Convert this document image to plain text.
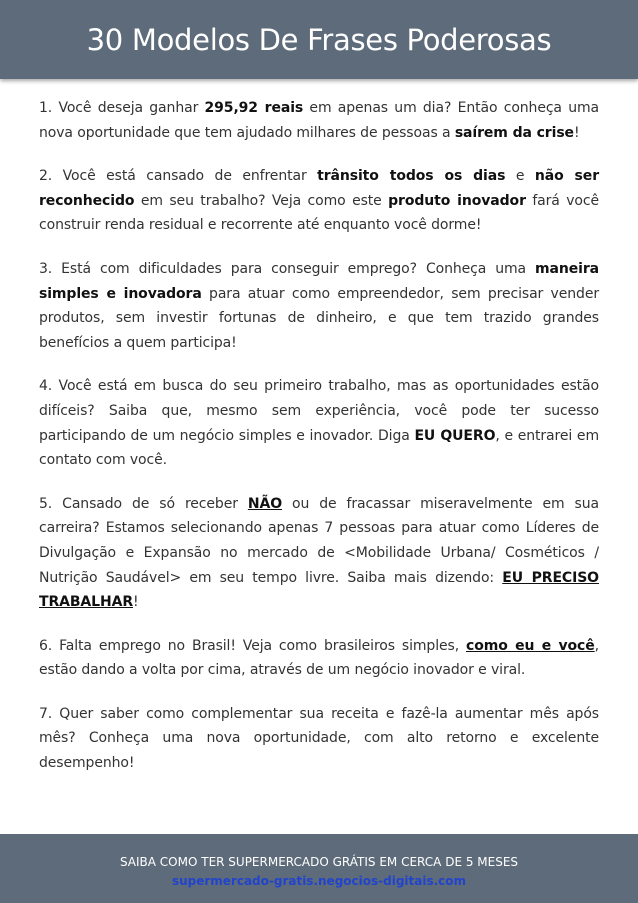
30 Modelos De Frases Poderosas

1. Você deseja ganhar 295,92 reais em apenas um dia? Então conheça uma nova oportunidade que tem ajudado milhares de pessoas a saírem da crise!

2. Você está cansado de enfrentar trânsito todos os dias e não ser reconhecido em seu trabalho? Veja como este produto inovador fará você construir renda residual e recorrente até enquanto você dorme!

3. Está com dificuldades para conseguir emprego? Conheça uma maneira simples e inovadora para atuar como empreendedor, sem precisar vender produtos, sem investir fortunas de dinheiro, e que tem trazido grandes benefícios a quem participa!

4. Você está em busca do seu primeiro trabalho, mas as oportunidades estão difíceis? Saiba que, mesmo sem experiência, você pode ter sucesso participando de um negócio simples e inovador. Diga EU QUERO, e entrarei em contato com você.

5. Cansado de só receber NÃO ou de fracassar miseravelmente em sua carreira? Estamos selecionando apenas 7 pessoas para atuar como Líderes de Divulgação e Expansão no mercado de <Mobilidade Urbana/ Cosméticos / Nutrição Saudável> em seu tempo livre. Saiba mais dizendo: EU PRECISO TRABALHAR!

6. Falta emprego no Brasil! Veja como brasileiros simples, como eu e você, estão dando a volta por cima, através de um negócio inovador e viral.

7. Quer saber como complementar sua receita e fazê-la aumentar mês após mês? Conheça uma nova oportunidade, com alto retorno e excelente desempenho!

SAIBA COMO TER SUPERMERCADO GRÁTIS EM CERCA DE 5 MESES
supermercado-gratis.negocios-digitais.com
